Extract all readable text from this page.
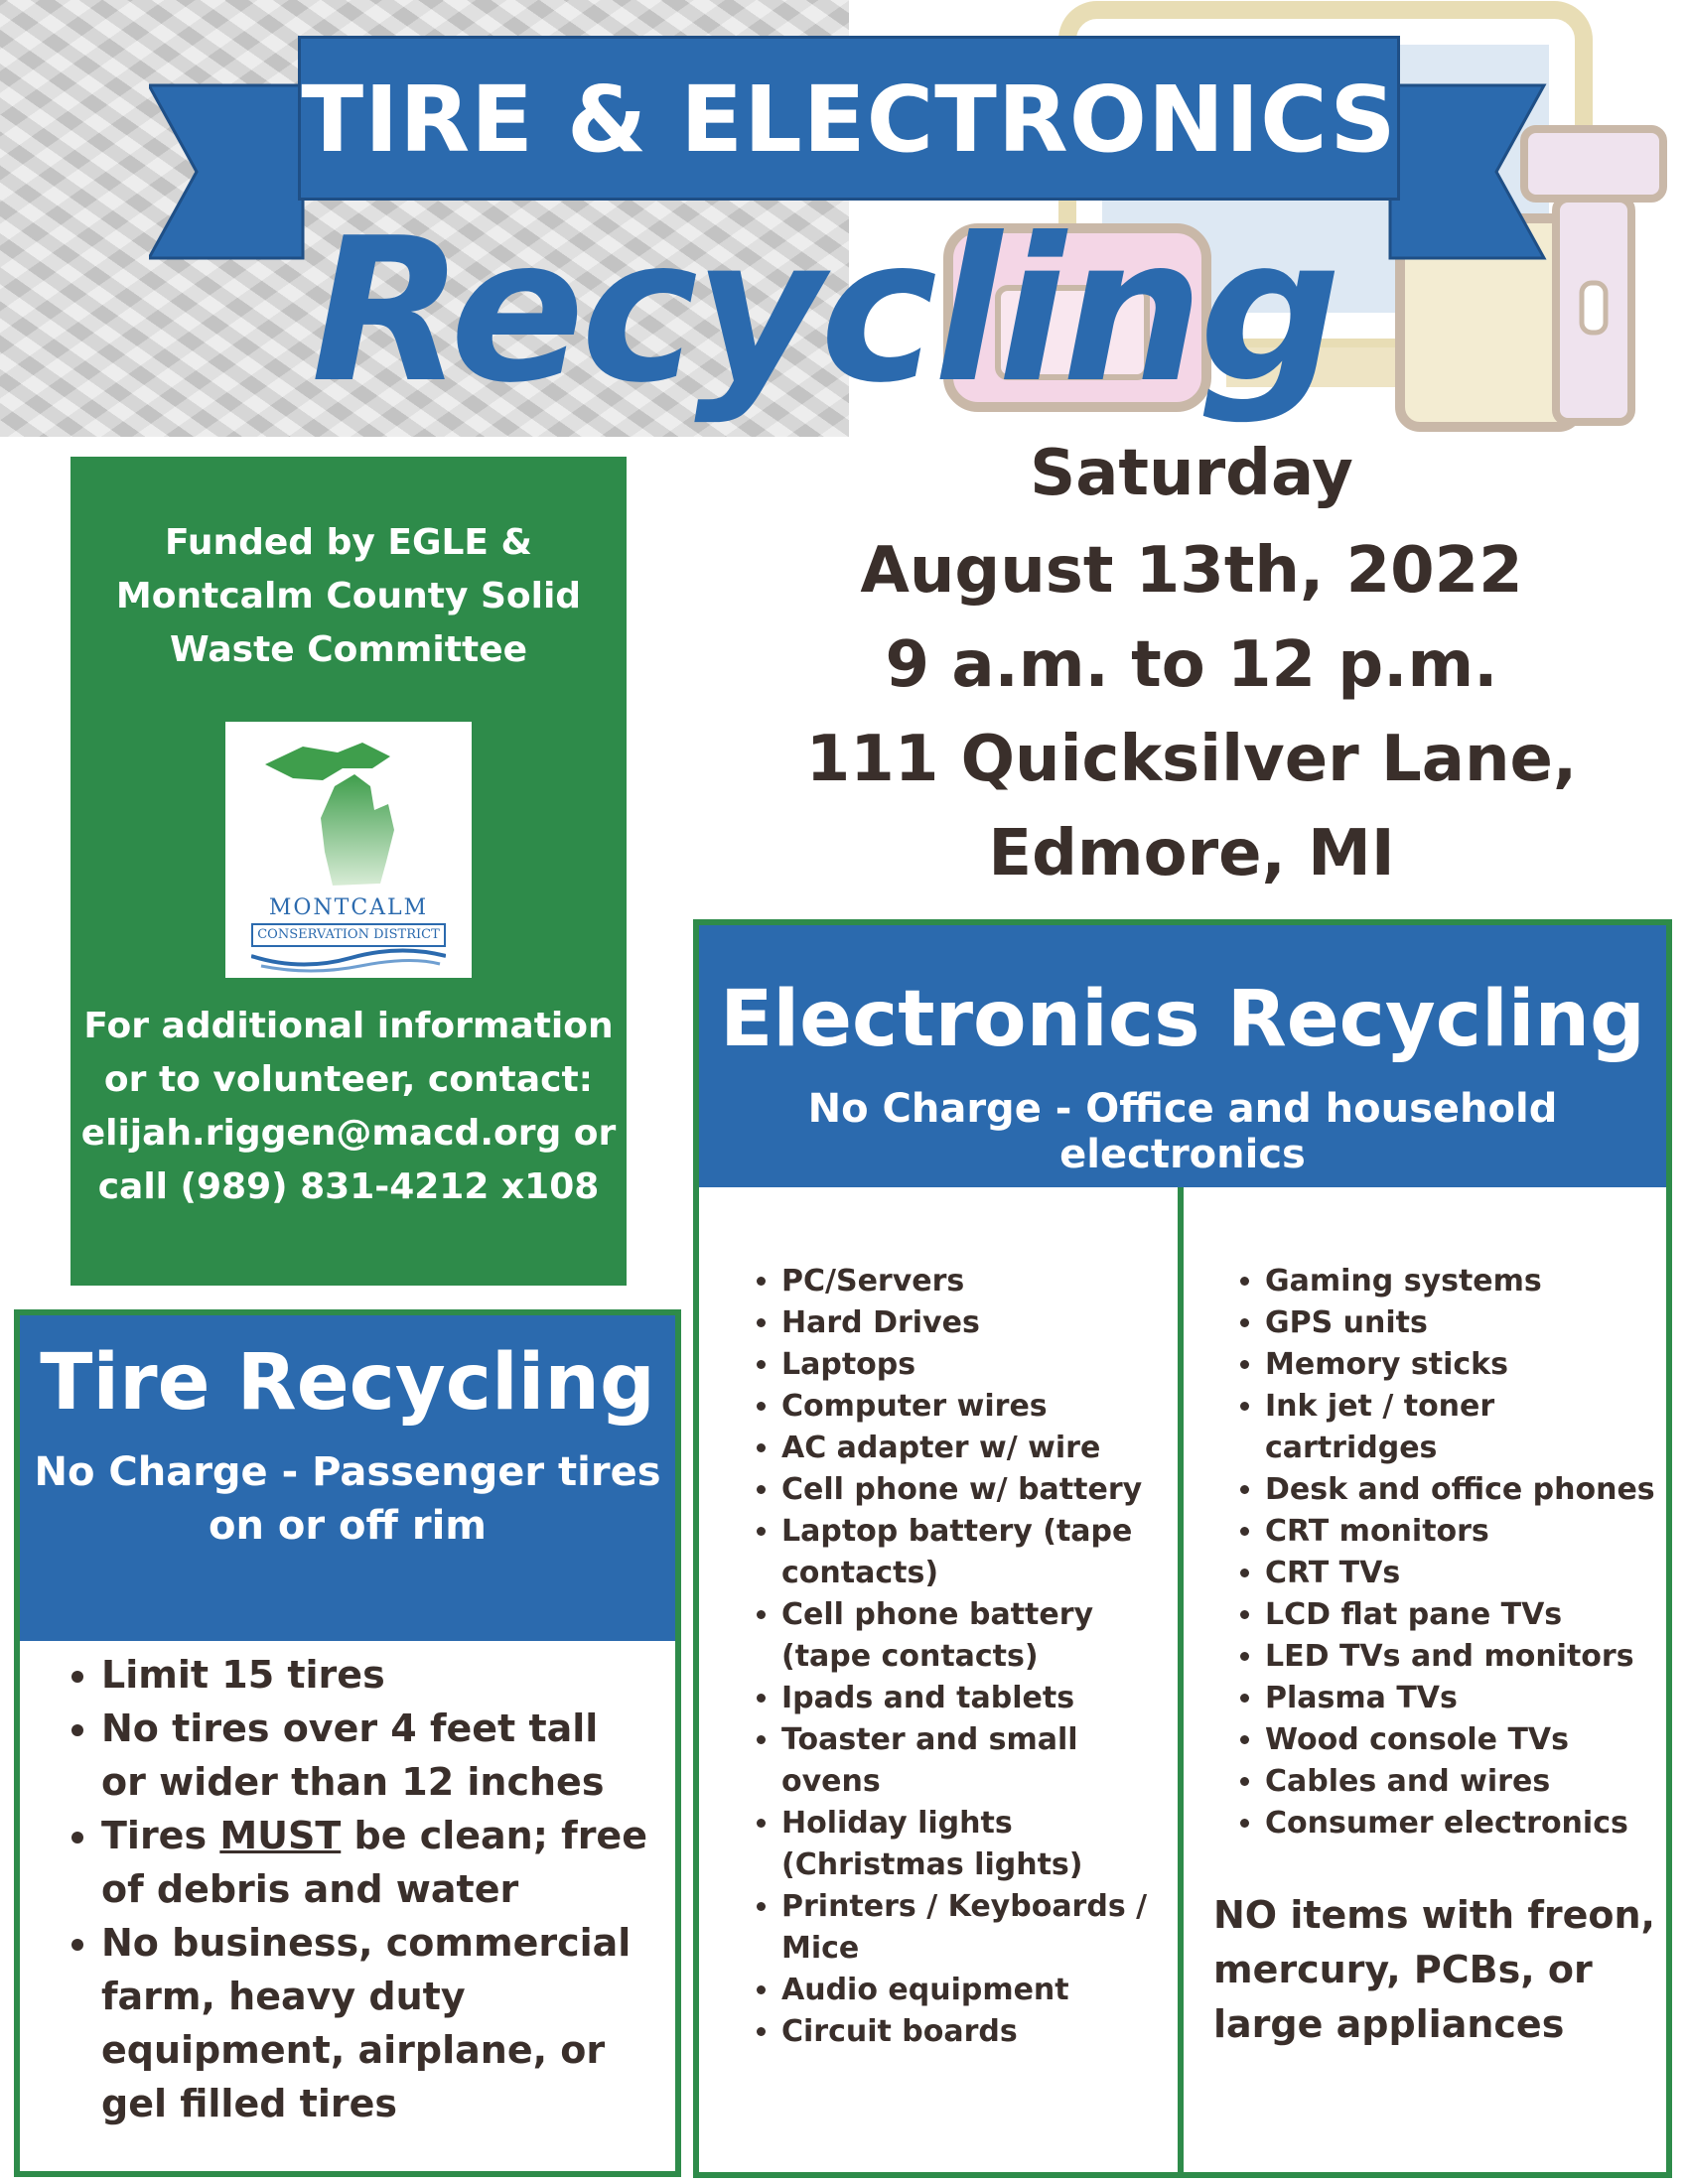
TIRE & ELECTRONICS
Recycling
Saturday
August 13th, 2022
9 a.m. to 12 p.m.
111 Quicksilver Lane,
Edmore, MI
Funded by EGLE &
Montcalm County Solid
Waste Committee
For additional information
or to volunteer, contact:
elijah.riggen@macd.org or
call (989) 831-4212 x108
MONTCALM
CONSERVATION DISTRICT
Tire Recycling
No Charge - Passenger tires
on or off rim
• Limit 15 tires
• No tires over 4 feet tall or wider than 12 inches
• Tires MUST be clean; free of debris and water
• No business, commercial farm, heavy duty equipment, airplane, or gel filled tires
Electronics Recycling
No Charge - Office and household electronics
• PC/Servers
• Hard Drives
• Laptops
• Computer wires
• AC adapter w/ wire
• Cell phone w/ battery
• Laptop battery (tape contacts)
• Cell phone battery (tape contacts)
• Ipads and tablets
• Toaster and small ovens
• Holiday lights (Christmas lights)
• Printers / Keyboards / Mice
• Audio equipment
• Circuit boards
• Gaming systems
• GPS units
• Memory sticks
• Ink jet / toner cartridges
• Desk and office phones
• CRT monitors
• CRT TVs
• LCD flat pane TVs
• LED TVs and monitors
• Plasma TVs
• Wood console TVs
• Cables and wires
• Consumer electronics
NO items with freon, mercury, PCBs, or large appliances
